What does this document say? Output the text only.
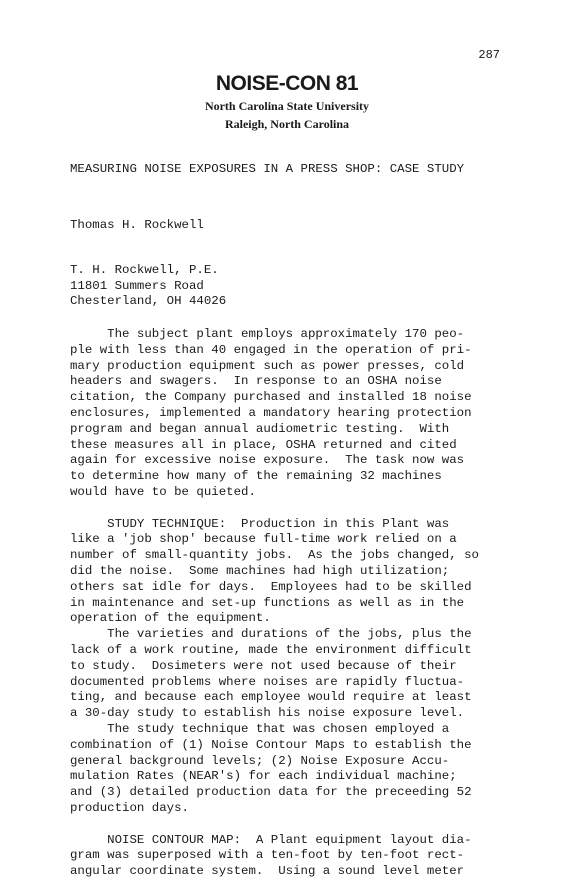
287
NOISE-CON 81
North Carolina State University
Raleigh, North Carolina
MEASURING NOISE EXPOSURES IN A PRESS SHOP: CASE STUDY
Thomas H. Rockwell

T. H. Rockwell, P.E.
11801 Summers Road
Chesterland, OH 44026

The subject plant employs approximately 170 peo-
ple with less than 40 engaged in the operation of pri-
mary production equipment such as power presses, cold
headers and swagers.  In response to an OSHA noise
citation, the Company purchased and installed 18 noise
enclosures, implemented a mandatory hearing protection
program and began annual audiometric testing.  With
these measures all in place, OSHA returned and cited
again for excessive noise exposure.  The task now was
to determine how many of the remaining 32 machines
would have to be quieted.
STUDY TECHNIQUE:  Production in this Plant was
like a 'job shop' because full-time work relied on a
number of small-quantity jobs.  As the jobs changed, so
did the noise.  Some machines had high utilization;
others sat idle for days.  Employees had to be skilled
in maintenance and set-up functions as well as in the
operation of the equipment.
The varieties and durations of the jobs, plus the
lack of a work routine, made the environment difficult
to study.  Dosimeters were not used because of their
documented problems where noises are rapidly fluctua-
ting, and because each employee would require at least
a 30-day study to establish his noise exposure level.
The study technique that was chosen employed a
combination of (1) Noise Contour Maps to establish the
general background levels; (2) Noise Exposure Accu-
mulation Rates (NEAR's) for each individual machine;
and (3) detailed production data for the preceeding 52
production days.
NOISE CONTOUR MAP:  A Plant equipment layout dia-
gram was superposed with a ten-foot by ten-foot rect-
angular coordinate system.  Using a sound level meter
